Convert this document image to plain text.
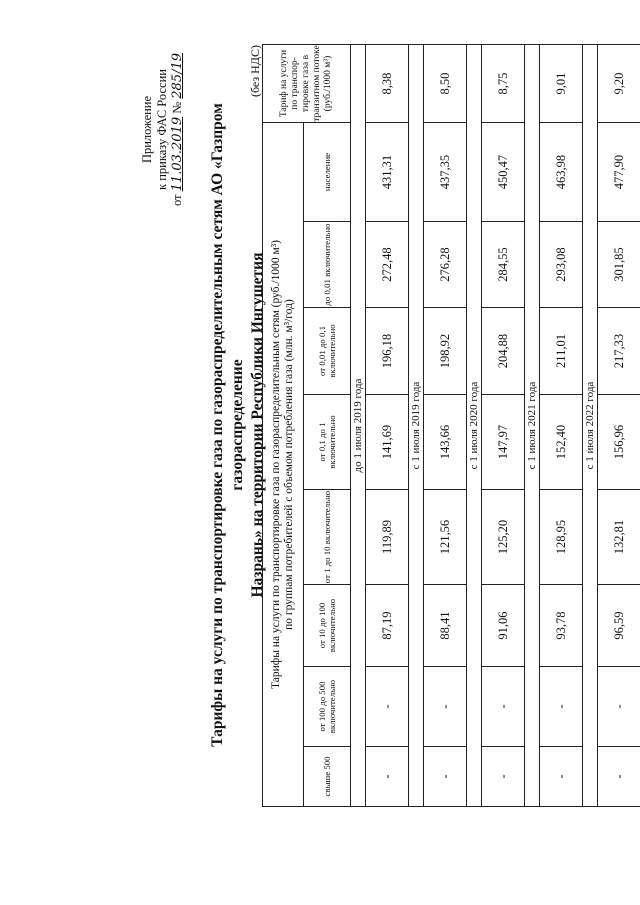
Приложение к приказу ФАС России
от 11.03.2019 № 285/19
Тарифы на услуги по транспортировке газа по газораспределительным сетям АО «Газпром газораспределение Назрань» на территории Республики Ингушетия
(без НДС)
Тарифы на услуги по транспортировке газа по газораспределительным сетям (руб./1000 м³) по группам потребителей с объемом потребления газа (млн. м³/год)								Тариф на услуги по транспор-тировке газа в транзитном потоке (руб./1000 м³)
свыше 500	от 100 до 500 включительно	от 10 до 100 включительно	от 1 до 10 включительно	от 0,1 до 1 включительно	от 0,01 до 0,1 включительно	до 0,01 включительно	население	
до 1 июля 2019 года								
-	-	87,19	119,89	141,69	196,18	272,48	431,31	8,38
с 1 июля 2019 года								
-	-	88,41	121,56	143,66	198,92	276,28	437,35	8,50
с 1 июля 2020 года								
-	-	91,06	125,20	147,97	204,88	284,55	450,47	8,75
с 1 июля 2021 года								
-	-	93,78	128,95	152,40	211,01	293,08	463,98	9,01
с 1 июля 2022 года								
-	-	96,59	132,81	156,96	217,33	301,85	477,90	9,20
